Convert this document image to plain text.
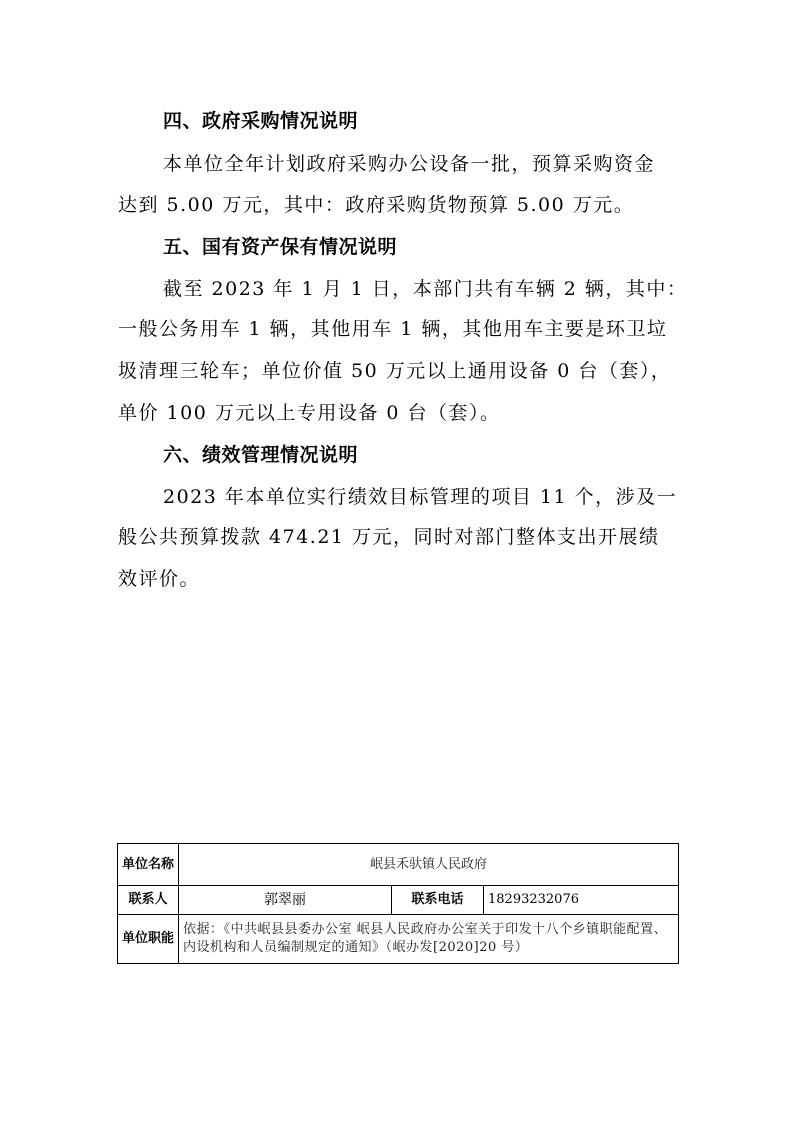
四、政府采购情况说明
本单位全年计划政府采购办公设备一批，预算采购资金
达到 5.00 万元，其中：政府采购货物预算 5.00 万元。
五、国有资产保有情况说明
截至 2023 年 1 月 1 日，本部门共有车辆 2 辆，其中：
一般公务用车 1 辆，其他用车 1 辆，其他用车主要是环卫垃
圾清理三轮车；单位价值 50 万元以上通用设备 0 台（套），
单价 100 万元以上专用设备 0 台（套）。
六、绩效管理情况说明
2023 年本单位实行绩效目标管理的项目 11 个，涉及一
般公共预算拨款 474.21 万元，同时对部门整体支出开展绩
效评价。
单位名称	岷县禾驮镇人民政府		
联系人	郭翠丽	联系电话	18293232076
单位职能	依据：《中共岷县县委办公室 岷县人民政府办公室关于印发十八个乡镇职能配置、内设机构和人员编制规定的通知》（岷办发[2020]20 号）		
